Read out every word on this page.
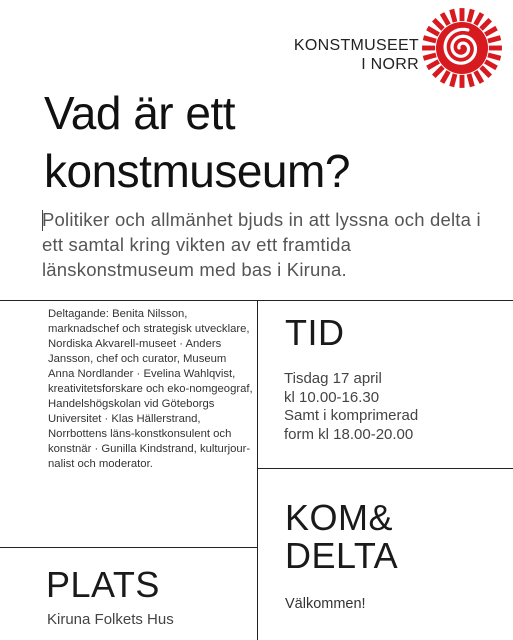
KONSTMUSEET
I NORR
Vad är ett
konstmuseum?
Politiker och allmänhet bjuds in att lyssna och delta i ett samtal kring vikten av ett framtida länskonstmuseum med bas i Kiruna.
Deltagande: Benita Nilsson, marknadschef och strategisk utvecklare, Nordiska Akvarell-museet · Anders Jansson, chef och curator, Museum Anna Nordlander · Evelina Wahlqvist, kreativitetsforskare och eko-nomgeograf, Handelshögskolan vid Göteborgs Universitet · Klas Hällerstrand, Norrbottens läns-konstkonsulent och konstnär · Gunilla Kindstrand, kulturjour-nalist och moderator.
TID
Tisdag 17 april
kl 10.00-16.30
Samt i komprimerad
form kl 18.00-20.00
KOM&
DELTA
Välkommen!
PLATS
Kiruna Folkets Hus
